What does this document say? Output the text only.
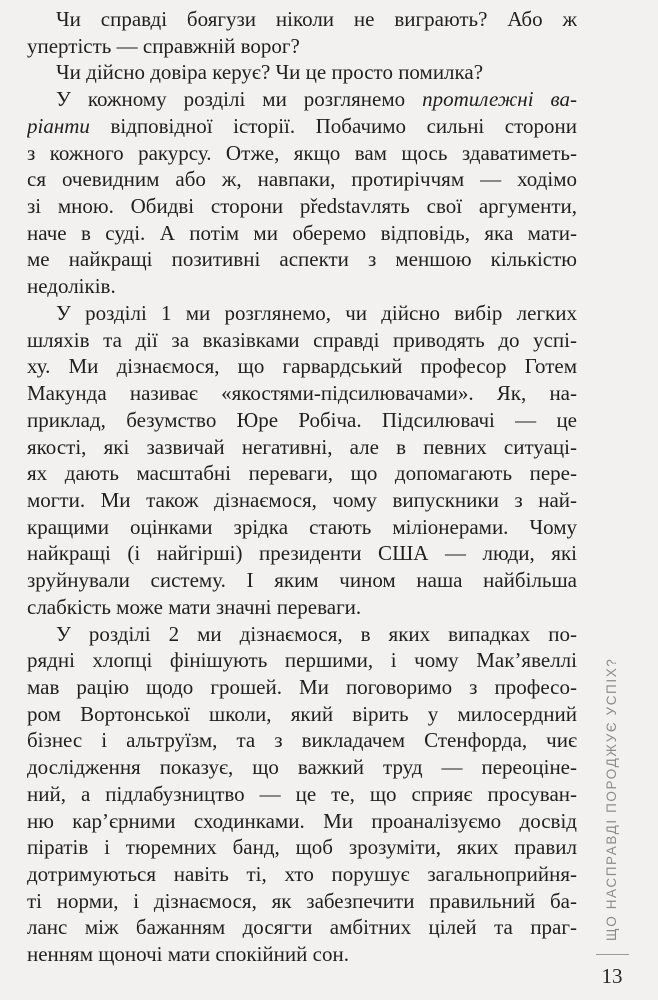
Чи справді боягузи ніколи не виграють? Або ж
упертість — справжній ворог?

Чи дійсно довіра керує? Чи це просто помилка?

У кожному розділі ми розглянемо протилежні ва-
ріанти відповідної історії. Побачимо сильні сторони
з кожного ракурсу. Отже, якщо вам щось здаватиметь-
ся очевидним або ж, навпаки, протиріччям — ходімо
зі мною. Обидві сторони představлять свої аргументи,
наче в суді. А потім ми оберемо відповідь, яка мати-
ме найкращі позитивні аспекти з меншою кількістю
недоліків.

У розділі 1 ми розглянемо, чи дійсно вибір легких
шляхів та дії за вказівками справді приводять до успі-
ху. Ми дізнаємося, що гарвардський професор Готем
Макунда називає «якостями-підсилювачами». Як, на-
приклад, безумство Юре Робіча. Підсилювачі — це
якості, які зазвичай негативні, але в певних ситуаці-
ях дають масштабні переваги, що допомагають пере-
могти. Ми також дізнаємося, чому випускники з най-
кращими оцінками зрідка стають міліонерами. Чому
найкращі (і найгірші) президенти США — люди, які
зруйнували систему. І яким чином наша найбільша
слабкість може мати значні переваги.

У розділі 2 ми дізнаємося, в яких випадках по-
рядні хлопці фінішують першими, і чому Мак’явеллі
мав рацію щодо грошей. Ми поговоримо з професо-
ром Вортонської школи, який вірить у милосердний
бізнес і альтруїзм, та з викладачем Стенфорда, чиє
дослідження показує, що важкий труд — переоціне-
ний, а підлабузництво — це те, що сприяє просуван-
ню кар’єрними сходинками. Ми проаналізуємо досвід
піратів і тюремних банд, щоб зрозуміти, яких правил
дотримуються навіть ті, хто порушує загальноприйня-
ті норми, і дізнаємося, як забезпечити правильний ба-
ланс між бажанням досягти амбітних цілей та праг-
ненням щоночі мати спокійний сон.

ЩО НАСПРАВДІ ПОРОДЖУЄ УСПІХ?
13
